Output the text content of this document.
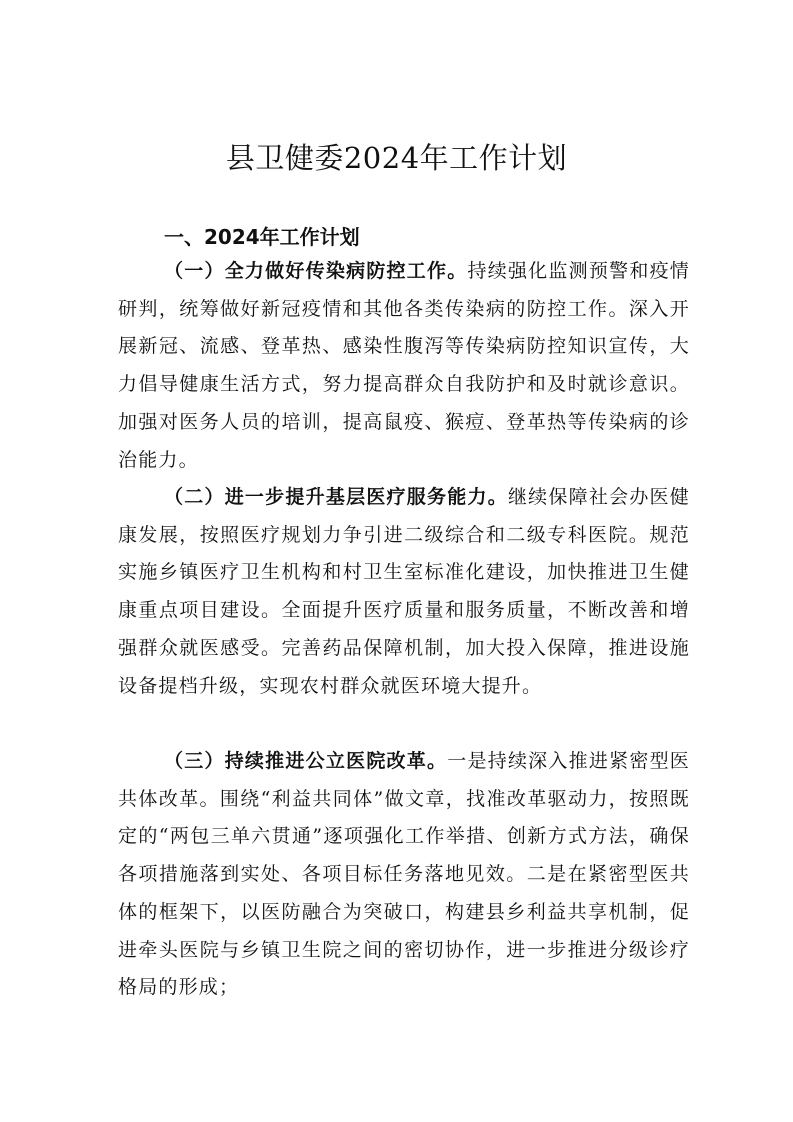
县卫健委2024年工作计划
一、2024年工作计划

（一）全力做好传染病防控工作。持续强化监测预警和疫情研判，统筹做好新冠疫情和其他各类传染病的防控工作。深入开展新冠、流感、登革热、感染性腹泻等传染病防控知识宣传，大力倡导健康生活方式，努力提高群众自我防护和及时就诊意识。加强对医务人员的培训，提高鼠疫、猴痘、登革热等传染病的诊治能力。

（二）进一步提升基层医疗服务能力。继续保障社会办医健康发展，按照医疗规划力争引进二级综合和二级专科医院。规范实施乡镇医疗卫生机构和村卫生室标准化建设，加快推进卫生健康重点项目建设。全面提升医疗质量和服务质量，不断改善和增强群众就医感受。完善药品保障机制，加大投入保障，推进设施设备提档升级，实现农村群众就医环境大提升。

（三）持续推进公立医院改革。一是持续深入推进紧密型医共体改革。围绕“利益共同体”做文章，找准改革驱动力，按照既定的“两包三单六贯通”逐项强化工作举措、创新方式方法，确保各项措施落到实处、各项目标任务落地见效。二是在紧密型医共体的框架下，以医防融合为突破口，构建县乡利益共享机制，促进牵头医院与乡镇卫生院之间的密切协作，进一步推进分级诊疗格局的形成；
